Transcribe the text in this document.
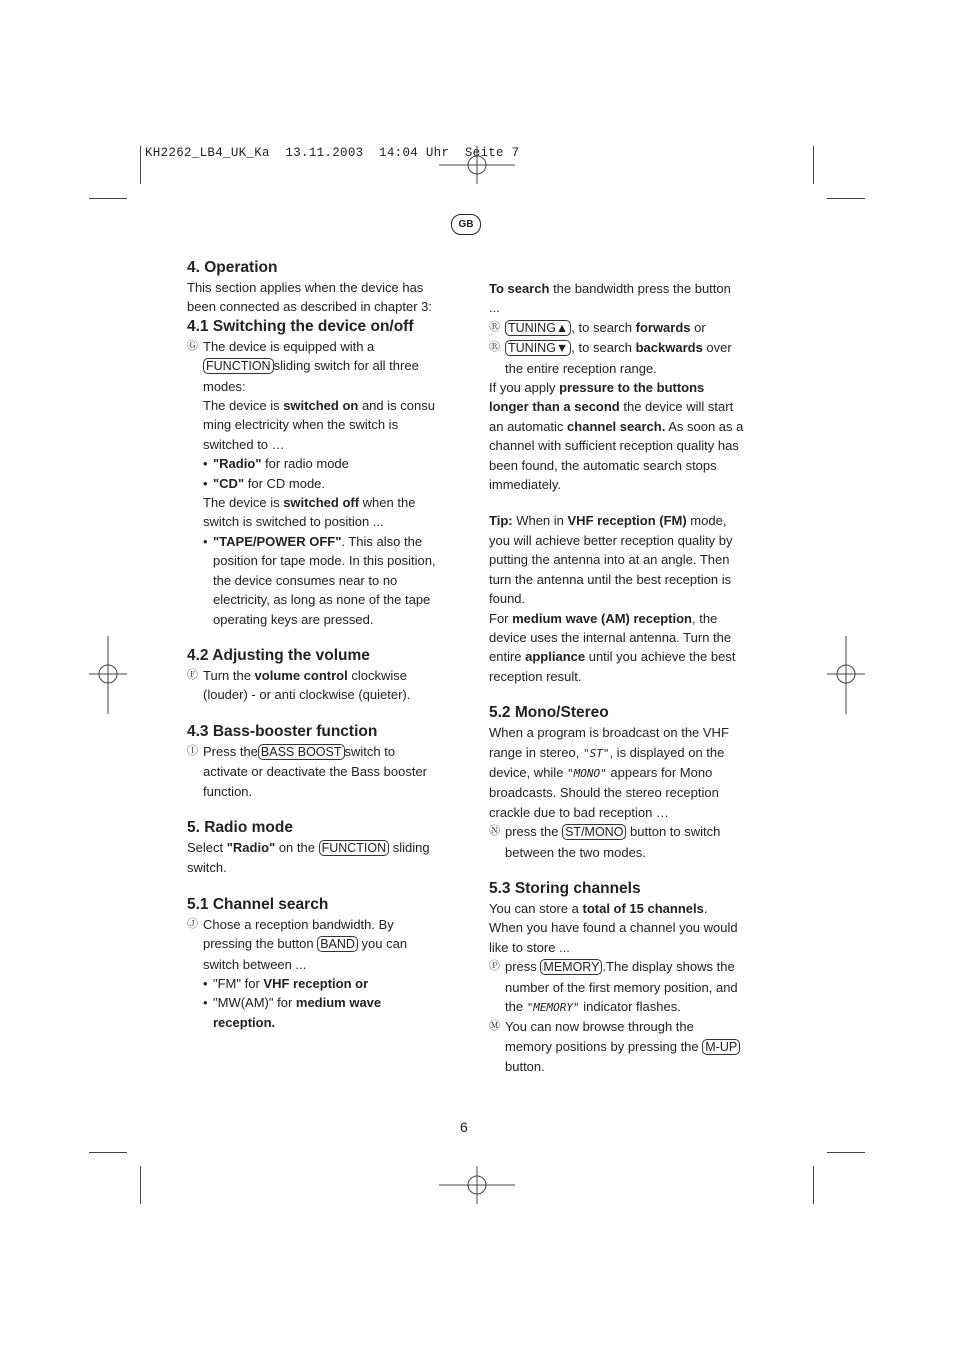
KH2262_LB4_UK_Ka  13.11.2003  14:04 Uhr  Seite 7
GB
4. Operation

This section applies when the device has been connected as described in chapter 3:

4.1 Switching the device on/off
Ⓖ The device is equipped with a
FUNCTION sliding switch for all three modes:
The device is switched on and is consu ming electricity when the switch is switched to …
• "Radio" for radio mode
• "CD" for CD mode.
The device is switched off when the switch is switched to position ...
• "TAPE/POWER OFF". This also the position for tape mode. In this position, the device consumes near to no electricity, as long as none of the tape operating keys are pressed.
4.2 Adjusting the volume
Ⓕ Turn the volume control clockwise (louder) - or anti clockwise (quieter).
4.3 Bass-booster function
Ⓘ Press the BASS BOOST switch to activate or deactivate the Bass booster function.
5. Radio mode

Select "Radio" on the FUNCTION sliding switch.

5.1 Channel search
Ⓙ Chose a reception bandwidth. By pressing the button BAND you can switch between ...
• "FM" for VHF reception or
• "MW(AM)" for medium wave reception.

To search the bandwidth press the button ...

Ⓡ TUNING▲ , to search forwards or
Ⓡ TUNING▼ , to search backwards over the entire reception range.

If you apply pressure to the buttons longer than a second the device will start an automatic channel search. As soon as a channel with sufficient reception quality has been found, the automatic search stops immediately.

Tip: When in VHF reception (FM) mode, you will achieve better reception quality by putting the antenna into at an angle. Then turn the antenna until the best reception is found.

For medium wave (AM) reception, the device uses the internal antenna. Turn the entire appliance until you achieve the best reception result.

5.2 Mono/Stereo

When a program is broadcast on the VHF range in stereo, "ST", is displayed on the device, while "MONO" appears for Mono broadcasts. Should the stereo reception crackle due to bad reception …

Ⓝ press the ST/MONO button to switch between the two modes.
5.3 Storing channels

You can store a total of 15 channels. When you have found a channel you would like to store ...

Ⓟ press MEMORY .The display shows the number of the first memory position, and the "MEMORY" indicator flashes.
Ⓜ You can now browse through the memory positions by pressing the M-UP button.
6
